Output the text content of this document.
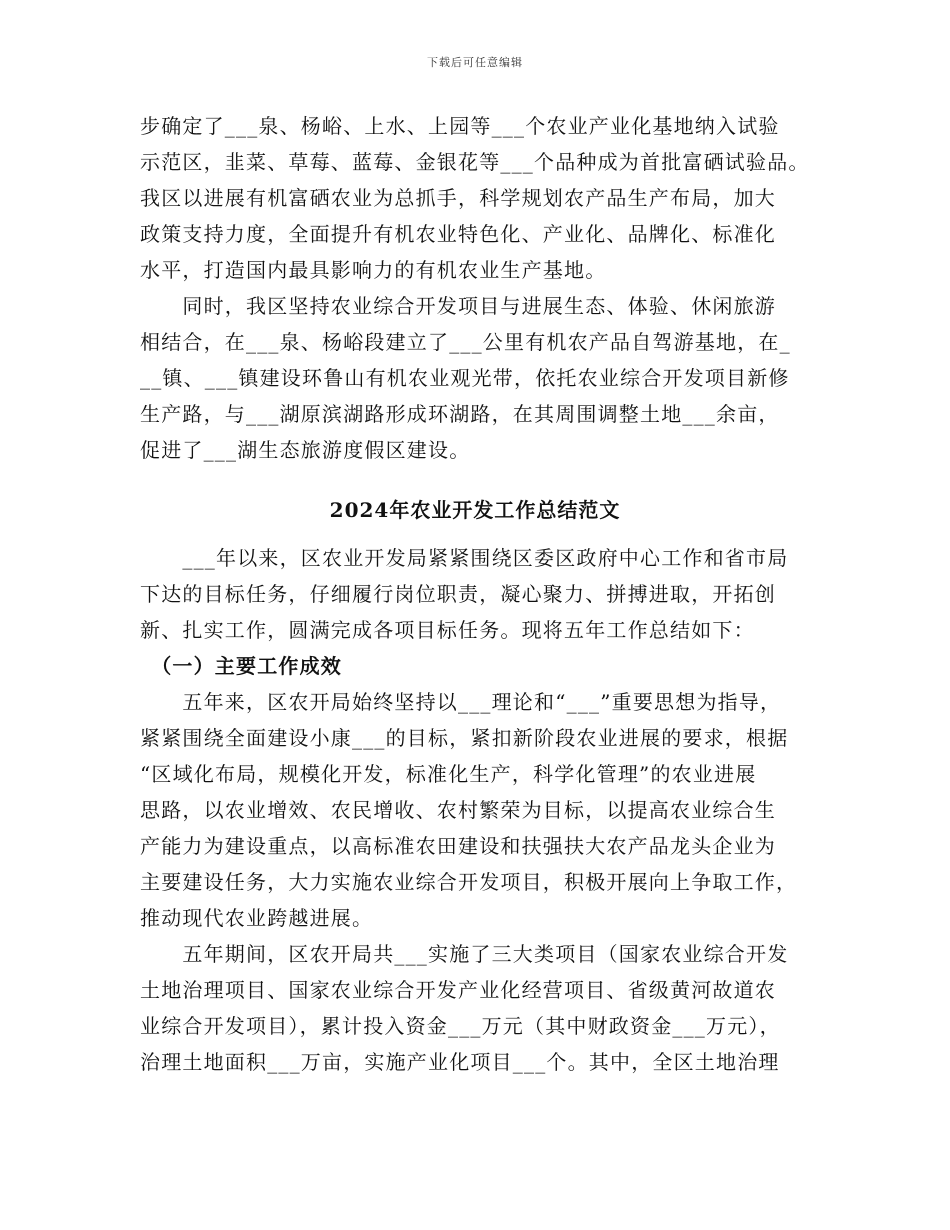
下载后可任意编辑
步确定了___泉、杨峪、上水、上园等___个农业产业化基地纳入试验
示范区，韭菜、草莓、蓝莓、金银花等___个品种成为首批富硒试验品。
我区以进展有机富硒农业为总抓手，科学规划农产品生产布局，加大
政策支持力度，全面提升有机农业特色化、产业化、品牌化、标准化
水平，打造国内最具影响力的有机农业生产基地。
　　同时，我区坚持农业综合开发项目与进展生态、体验、休闲旅游
相结合，在___泉、杨峪段建立了___公里有机农产品自驾游基地，在_
__镇、___镇建设环鲁山有机农业观光带，依托农业综合开发项目新修
生产路，与___湖原滨湖路形成环湖路，在其周围调整土地___余亩，
促进了___湖生态旅游度假区建设。
2024年农业开发工作总结范文
　　___年以来，区农业开发局紧紧围绕区委区政府中心工作和省市局
下达的目标任务，仔细履行岗位职责，凝心聚力、拼搏进取，开拓创
新、扎实工作，圆满完成各项目标任务。现将五年工作总结如下：
　（一）主要工作成效
　　五年来，区农开局始终坚持以___理论和“___”重要思想为指导，
紧紧围绕全面建设小康___的目标，紧扣新阶段农业进展的要求，根据
“区域化布局，规模化开发，标准化生产，科学化管理”的农业进展
思路，以农业增效、农民增收、农村繁荣为目标，以提高农业综合生
产能力为建设重点，以高标准农田建设和扶强扶大农产品龙头企业为
主要建设任务，大力实施农业综合开发项目，积极开展向上争取工作，
推动现代农业跨越进展。
　　五年期间，区农开局共___实施了三大类项目（国家农业综合开发
土地治理项目、国家农业综合开发产业化经营项目、省级黄河故道农
业综合开发项目），累计投入资金___万元（其中财政资金___万元），
治理土地面积___万亩，实施产业化项目___个。其中，全区土地治理
